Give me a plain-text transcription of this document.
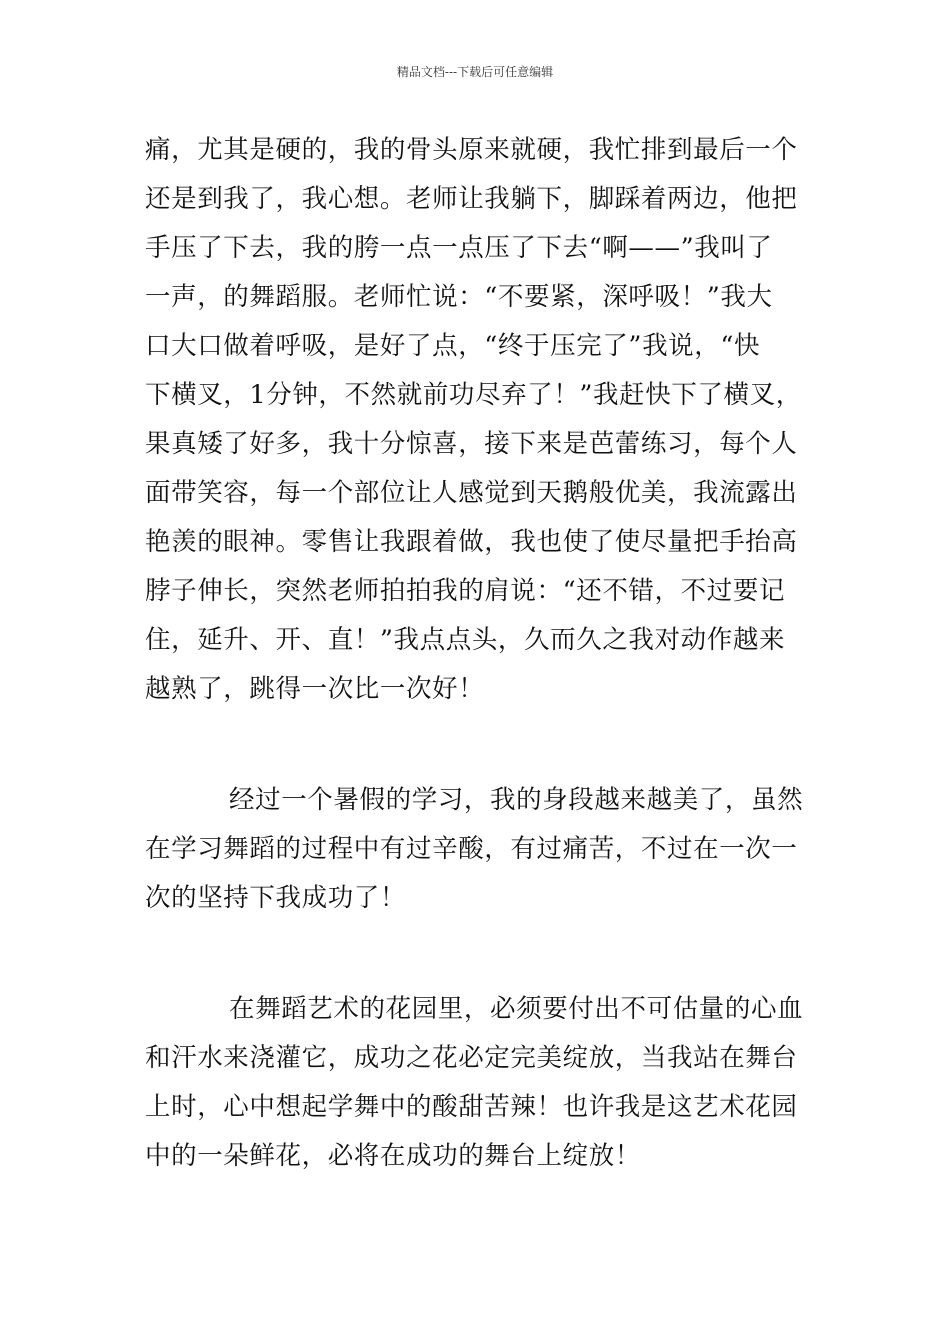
精品文档---下载后可任意编辑

痛，尤其是硬的，我的骨头原来就硬，我忙排到最后一个
还是到我了，我心想。老师让我躺下，脚踩着两边，他把
手压了下去，我的胯一点一点压了下去“啊——”我叫了
一声，的舞蹈服。老师忙说：“不要紧，深呼吸！”我大
口大口做着呼吸，是好了点，“终于压完了”我说，“快
下横叉，1分钟，不然就前功尽弃了！”我赶快下了横叉，
果真矮了好多，我十分惊喜，接下来是芭蕾练习，每个人
面带笑容，每一个部位让人感觉到天鹅般优美，我流露出
艳羡的眼神。零售让我跟着做，我也使了使尽量把手抬高
脖子伸长，突然老师拍拍我的肩说：“还不错，不过要记
住，延升、开、直！”我点点头，久而久之我对动作越来
越熟了，跳得一次比一次好！

经过一个暑假的学习，我的身段越来越美了，虽然
在学习舞蹈的过程中有过辛酸，有过痛苦，不过在一次一
次的坚持下我成功了！

在舞蹈艺术的花园里，必须要付出不可估量的心血
和汗水来浇灌它，成功之花必定完美绽放，当我站在舞台
上时，心中想起学舞中的酸甜苦辣！也许我是这艺术花园
中的一朵鲜花，必将在成功的舞台上绽放！
